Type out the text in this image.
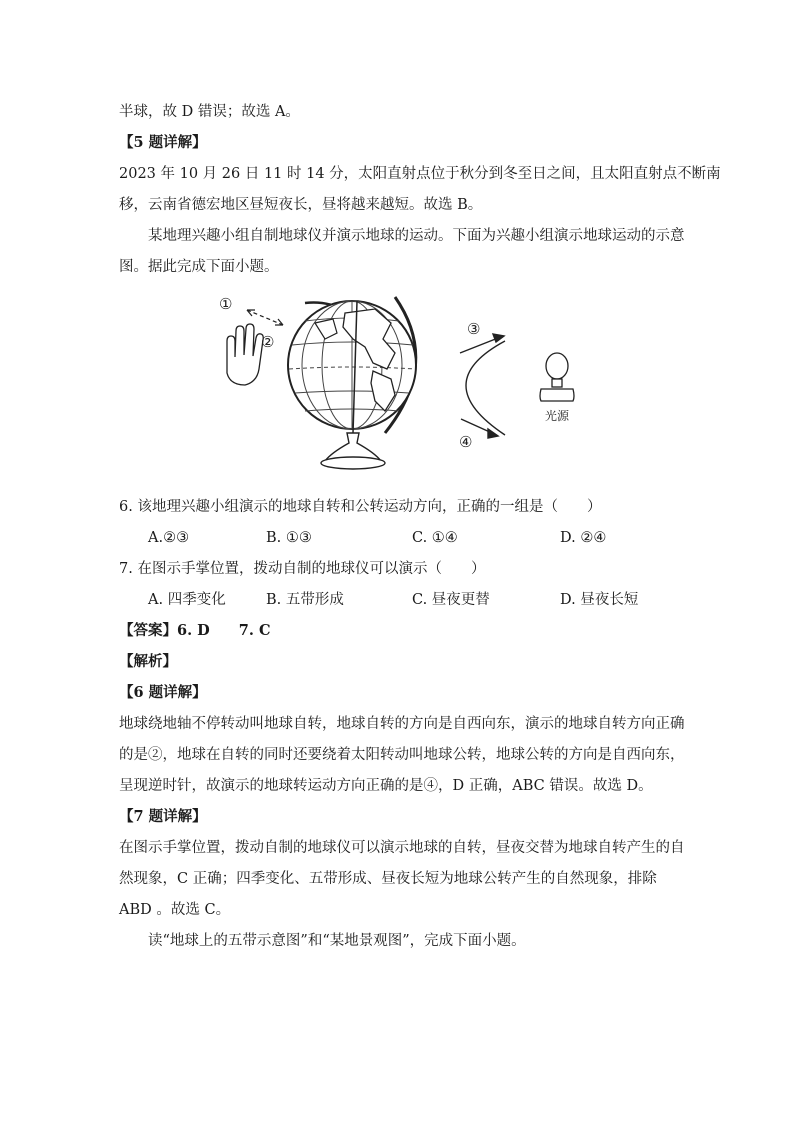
半球，故 D 错误；故选 A。
【5 题详解】
2023 年 10 月 26 日 11 时 14 分，太阳直射点位于秋分到冬至日之间，且太阳直射点不断南
移，云南省德宏地区昼短夜长，昼将越来越短。故选 B。
某地理兴趣小组自制地球仪并演示地球的运动。下面为兴趣小组演示地球运动的示意
图。据此完成下面小题。
①
②
③
④
光源
6. 该地理兴趣小组演示的地球自转和公转运动方向，正确的一组是（　　）
A.②③	B. ①③	C. ①④	D. ②④
7. 在图示手掌位置，拨动自制的地球仪可以演示（　　）
A. 四季变化	B. 五带形成	C. 昼夜更替	D. 昼夜长短
【答案】6. D　　7. C
【解析】
【6 题详解】
地球绕地轴不停转动叫地球自转，地球自转的方向是自西向东，演示的地球自转方向正确
的是②，地球在自转的同时还要绕着太阳转动叫地球公转，地球公转的方向是自西向东，
呈现逆时针，故演示的地球转运动方向正确的是④，D 正确，ABC 错误。故选 D。
【7 题详解】
在图示手掌位置，拨动自制的地球仪可以演示地球的自转，昼夜交替为地球自转产生的自
然现象，C 正确；四季变化、五带形成、昼夜长短为地球公转产生的自然现象，排除
ABD 。故选 C。
读“地球上的五带示意图”和“某地景观图”，完成下面小题。
